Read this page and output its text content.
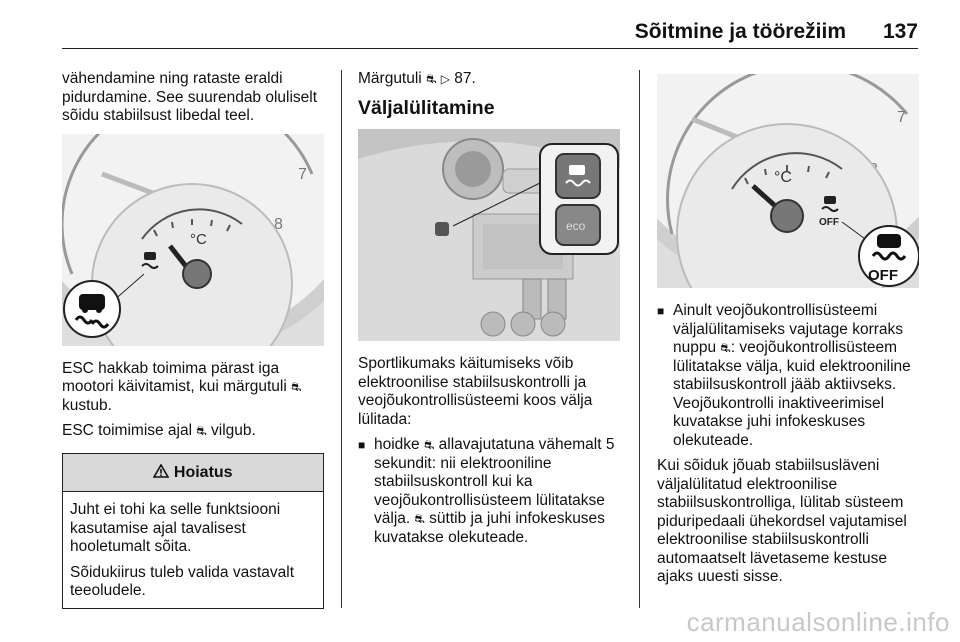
Sõitmine ja töörežiim 137

vähendamine ning rataste eraldi pidurdamine. See suurendab oluliselt sõidu stabiilsust libedal teel.

7
8
°C

ESC hakkab toimima pärast iga mootori käivitamist, kui märgutuli ⛐ kustub.

ESC toimimise ajal ⛐ vilgub.

Hoiatus

Juht ei tohi ka selle funktsiooni kasutamise ajal tavalisest hooletumalt sõita.

Sõidukiirus tuleb valida vastavalt teeoludele.

Märgutuli ⛐ ▷ 87.

Väljalülitamine
eco

Sportlikumaks käitumiseks võib elektroonilise stabiilsuskontrolli ja veojõukontrollisüsteemi koos välja lülitada:

■ hoidke ⛐ allavajutatuna vähemalt 5 sekundit: nii elektrooniline stabiilsuskontroll kui ka veojõukontrollisüsteem lülitatakse välja. ⛐ süttib ja juhi infokeskuses kuvatakse olekuteade.
7
°C
OFF
OFF
■ Ainult veojõukontrollisüsteemi väljalülitamiseks vajutage korraks nuppu ⛐: veojõukontrollisüsteem lülitatakse välja, kuid elektrooniline stabiilsuskontroll jääb aktiivseks. Veojõukontrolli inaktiveerimisel kuvatakse juhi infokeskuses olekuteade.

Kui sõiduk jõuab stabiilsusläveni väljalülitatud elektroonilise stabiilsuskontrolliga, lülitab süsteem piduripedaali ühekordsel vajutamisel elektroonilise stabiilsuskontrolli automaatselt lävetaseme kestuse ajaks uuesti sisse.

carmanualsonline.info
